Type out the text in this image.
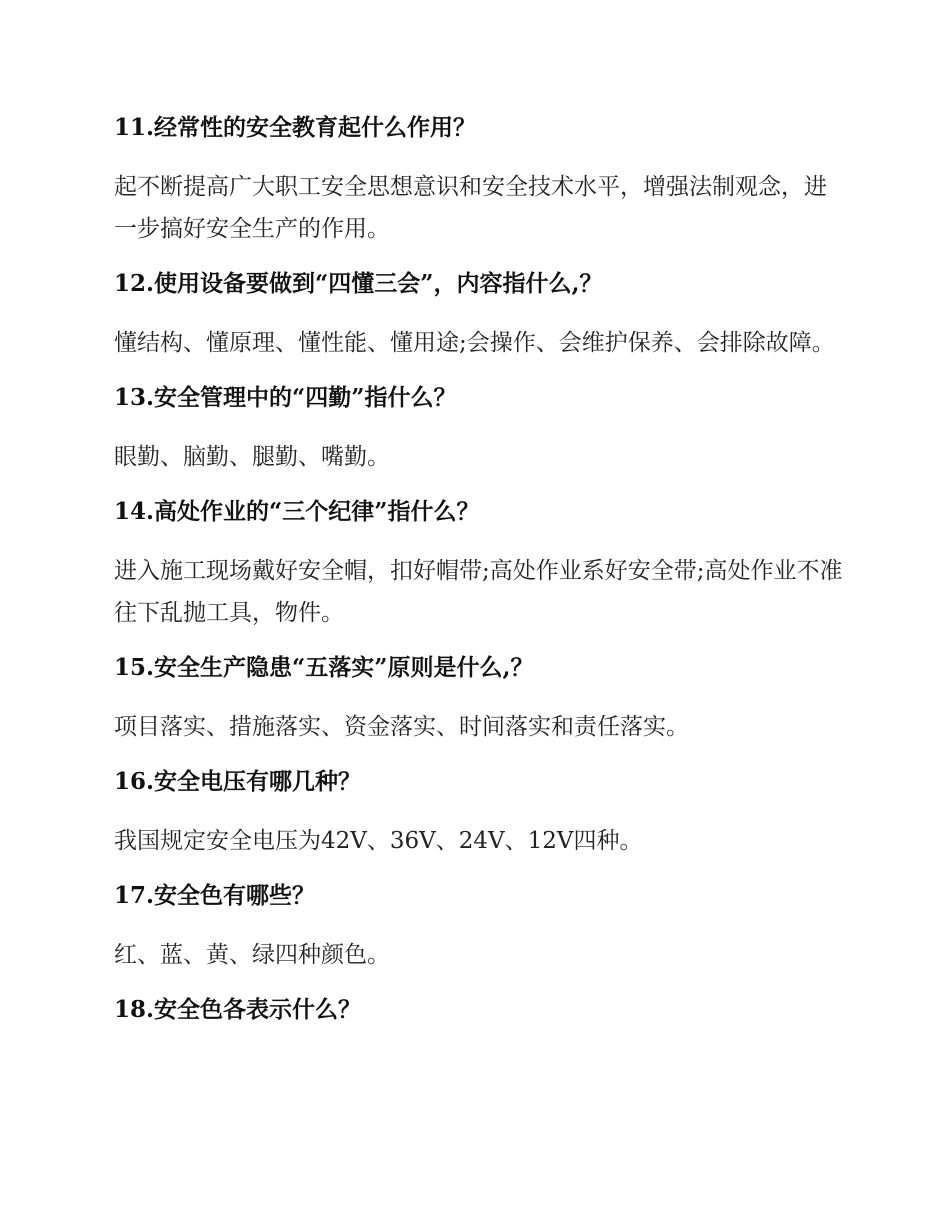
11.经常性的安全教育起什么作用？

起不断提高广大职工安全思想意识和安全技术水平，增强法制观念，进一步搞好安全生产的作用。

12.使用设备要做到“四懂三会”，内容指什么,？

懂结构、懂原理、懂性能、懂用途;会操作、会维护保养、会排除故障。

13.安全管理中的“四勤”指什么？

眼勤、脑勤、腿勤、嘴勤。

14.高处作业的“三个纪律”指什么？

进入施工现场戴好安全帽，扣好帽带;高处作业系好安全带;高处作业不准往下乱抛工具，物件。

15.安全生产隐患“五落实”原则是什么,？

项目落实、措施落实、资金落实、时间落实和责任落实。

16.安全电压有哪几种？

我国规定安全电压为42V、36V、24V、12V四种。

17.安全色有哪些？

红、蓝、黄、绿四种颜色。

18.安全色各表示什么？
